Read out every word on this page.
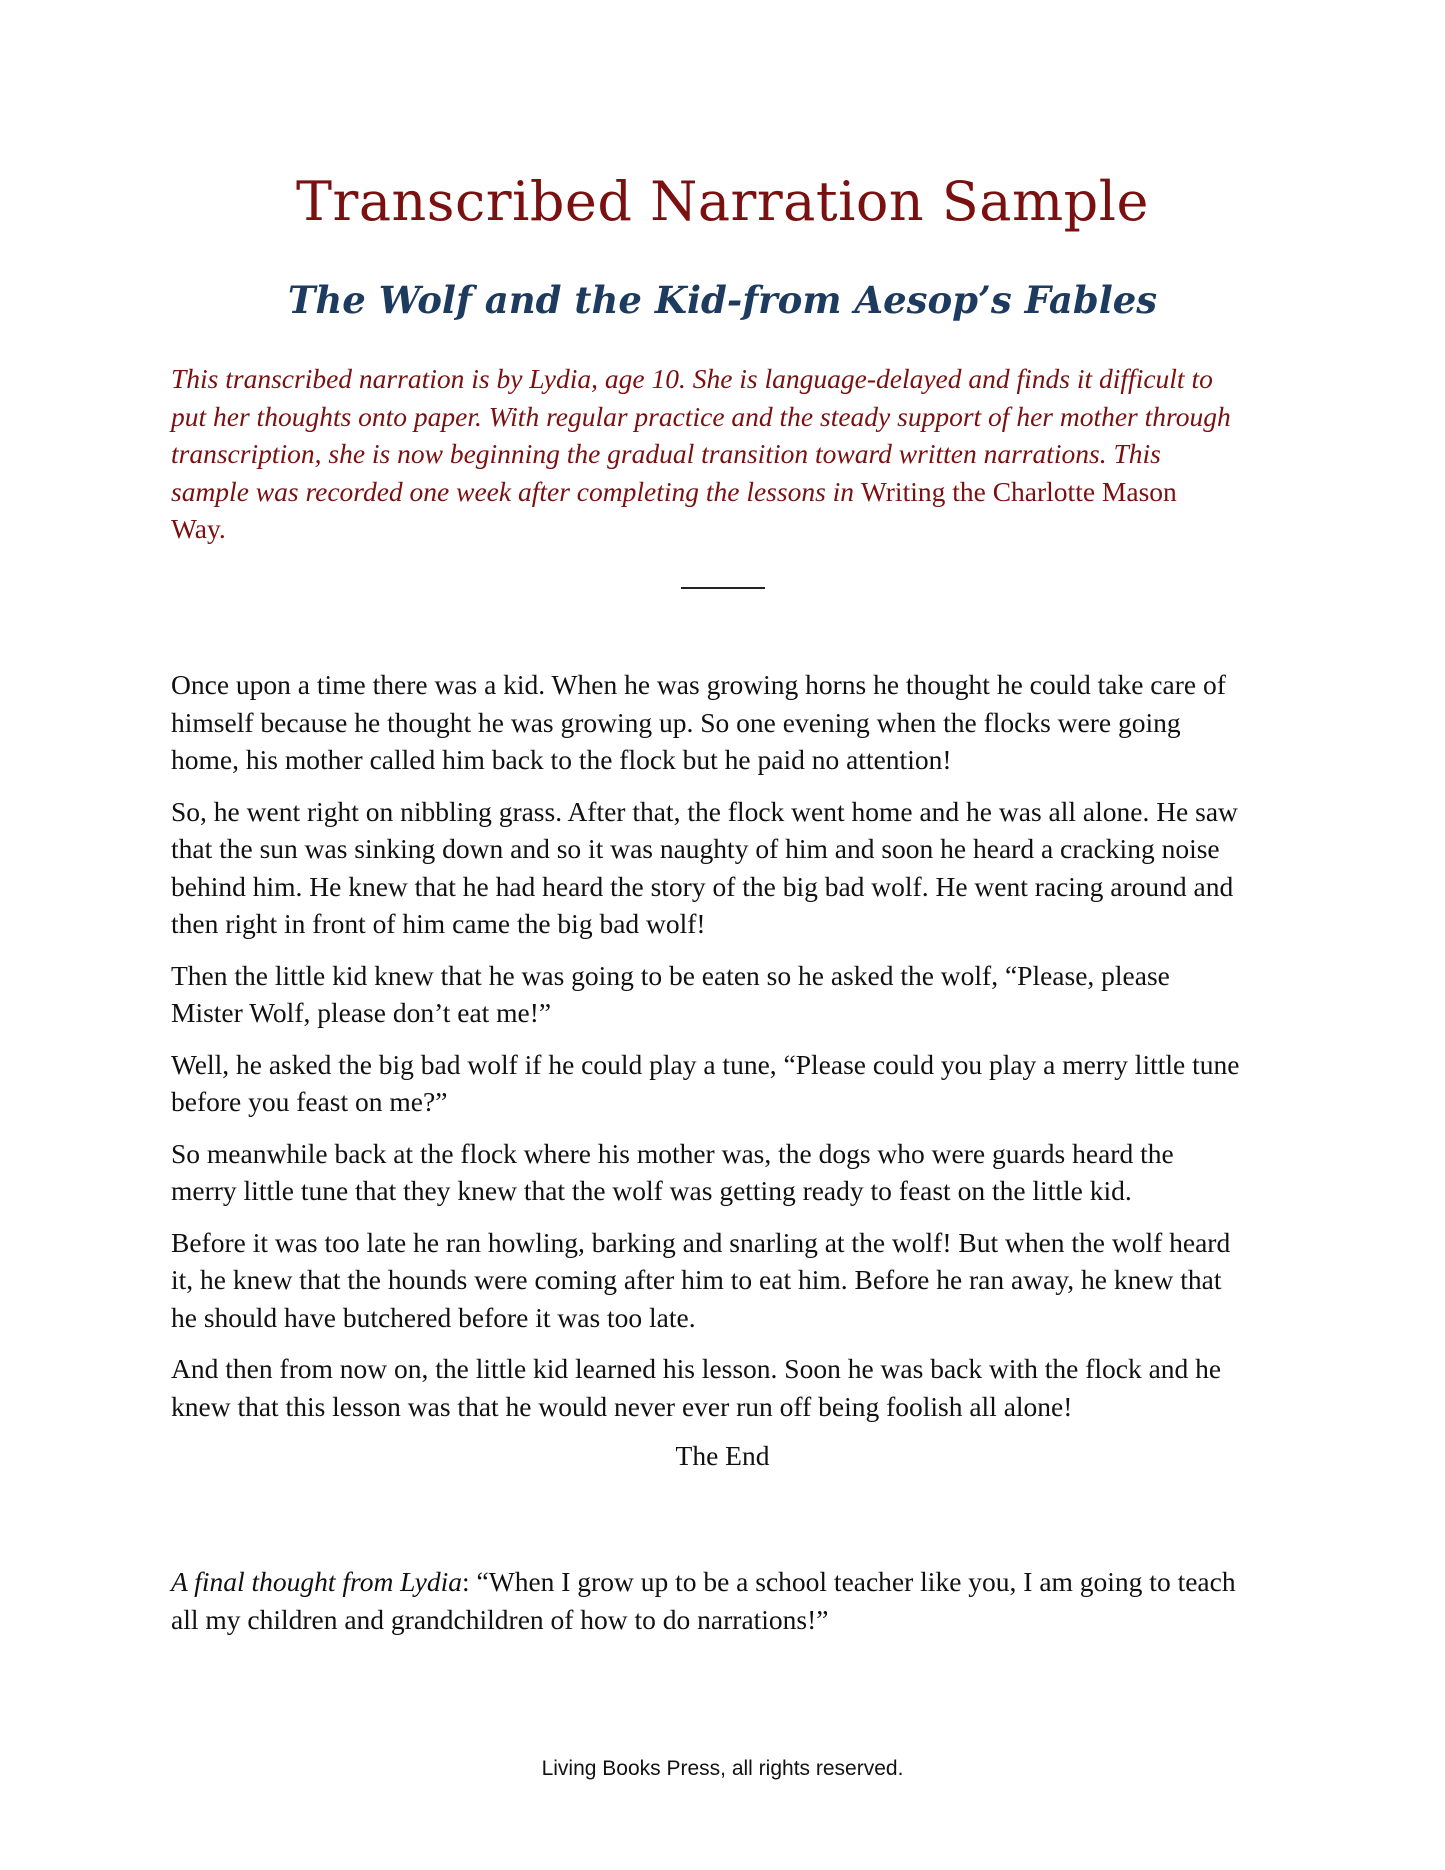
Transcribed Narration Sample
The Wolf and the Kid-from Aesop’s Fables
This transcribed narration is by Lydia, age 10. She is language-delayed and finds it difficult to
put her thoughts onto paper. With regular practice and the steady support of her mother through
transcription, she is now beginning the gradual transition toward written narrations. This
sample was recorded one week after completing the lessons in Writing the Charlotte Mason
Way.
Once upon a time there was a kid. When he was growing horns he thought he could take care of
himself because he thought he was growing up. So one evening when the flocks were going
home, his mother called him back to the flock but he paid no attention!
So, he went right on nibbling grass. After that, the flock went home and he was all alone. He saw
that the sun was sinking down and so it was naughty of him and soon he heard a cracking noise
behind him. He knew that he had heard the story of the big bad wolf. He went racing around and
then right in front of him came the big bad wolf!
Then the little kid knew that he was going to be eaten so he asked the wolf, “Please, please
Mister Wolf, please don’t eat me!”
Well, he asked the big bad wolf if he could play a tune, “Please could you play a merry little tune
before you feast on me?”
So meanwhile back at the flock where his mother was, the dogs who were guards heard the
merry little tune that they knew that the wolf was getting ready to feast on the little kid.
Before it was too late he ran howling, barking and snarling at the wolf! But when the wolf heard
it, he knew that the hounds were coming after him to eat him. Before he ran away, he knew that
he should have butchered before it was too late.
And then from now on, the little kid learned his lesson. Soon he was back with the flock and he
knew that this lesson was that he would never ever run off being foolish all alone!
The End
A final thought from Lydia: “When I grow up to be a school teacher like you, I am going to teach
all my children and grandchildren of how to do narrations!”
Living Books Press, all rights reserved.
